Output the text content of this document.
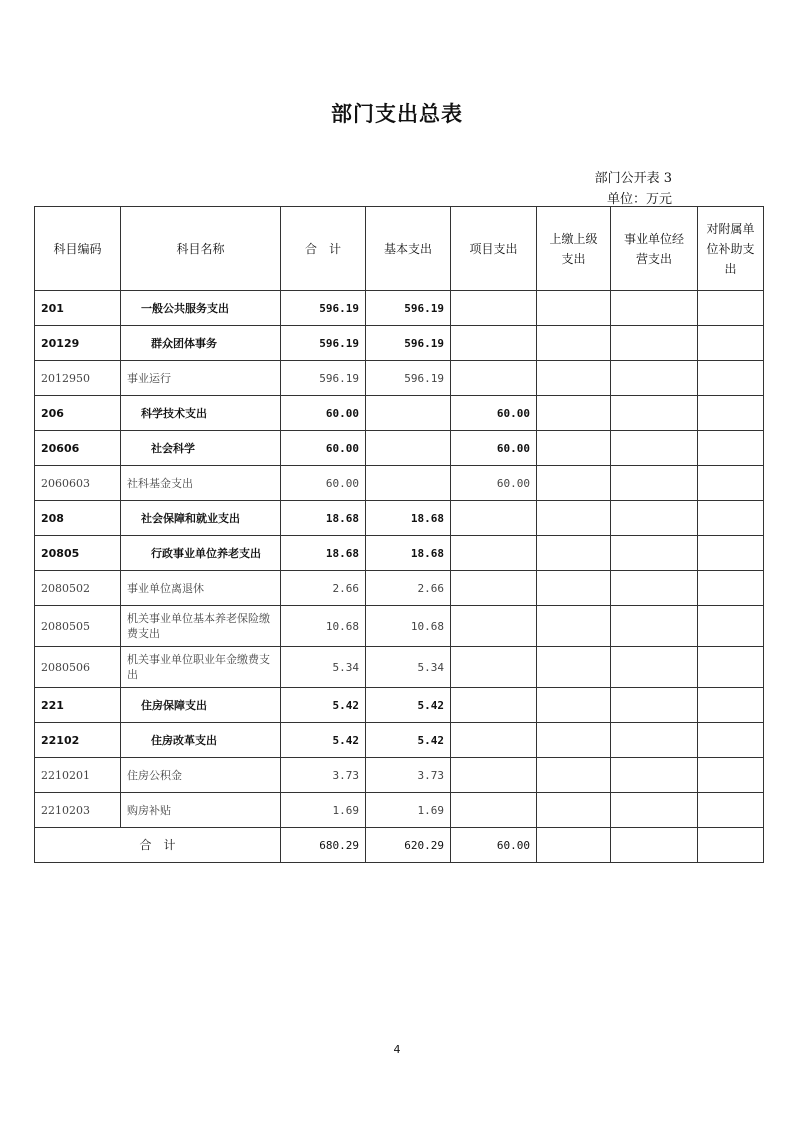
部门支出总表
部门公开表 3
单位：万元
科目编码	科目名称	合　计	基本支出	项目支出	上缴上级支出	事业单位经营支出	对附属单位补助支出
201	一般公共服务支出	596.19	596.19				
20129	群众团体事务	596.19	596.19				
2012950	事业运行	596.19	596.19				
206	科学技术支出	60.00		60.00			
20606	社会科学	60.00		60.00			
2060603	社科基金支出	60.00		60.00			
208	社会保障和就业支出	18.68	18.68				
20805	行政事业单位养老支出	18.68	18.68				
2080502	事业单位离退休	2.66	2.66				
2080505	机关事业单位基本养老保险缴费支出	10.68	10.68				
2080506	机关事业单位职业年金缴费支出	5.34	5.34				
221	住房保障支出	5.42	5.42				
22102	住房改革支出	5.42	5.42				
2210201	住房公积金	3.73	3.73				
2210203	购房补贴	1.69	1.69				
合　计		680.29	620.29	60.00			
4
